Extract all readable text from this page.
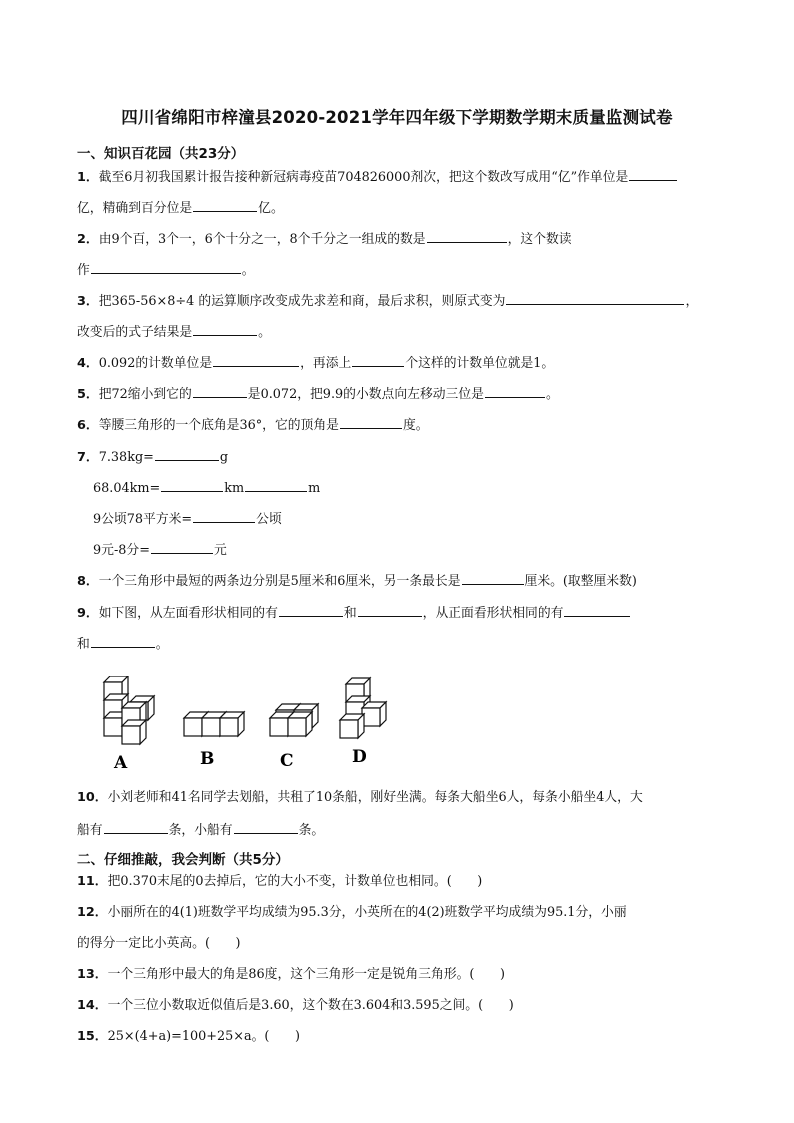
四川省绵阳市梓潼县2020-2021学年四年级下学期数学期末质量监测试卷
一、知识百花园（共23分）
1．截至6月初我国累计报告接种新冠病毒疫苗704826000剂次，把这个数改写成用“亿”作单位是
亿，精确到百分位是	亿。
2．由9个百，3个一，6个十分之一，8个千分之一组成的数是	，这个数读
作	。
3．把365-56×8÷4 的运算顺序改变成先求差和商，最后求积，则原式变为	，
改变后的式子结果是	。
4．0.092的计数单位是	，再添上	个这样的计数单位就是1。
5．把72缩小到它的	是0.072，把9.9的小数点向左移动三位是	。
6．等腰三角形的一个底角是36°，它的顶角是	度。
7．7.38kg=	g
68.04km=	km	m
9公顷78平方米=	公顷
9元-8分=	元
8．一个三角形中最短的两条边分别是5厘米和6厘米，另一条最长是	厘米。(取整厘米数)
9．如下图，从左面看形状相同的有	和	，从正面看形状相同的有
和	。
A	B	C	D
10．小刘老师和41名同学去划船，共租了10条船，刚好坐满。每条大船坐6人，每条小船坐4人，大
船有	条，小船有	条。
二、仔细推敲，我会判断（共5分）
11．把0.370末尾的0去掉后，它的大小不变，计数单位也相同。(　　)
12．小丽所在的4(1)班数学平均成绩为95.3分，小英所在的4(2)班数学平均成绩为95.1分，小丽
的得分一定比小英高。(　　)
13．一个三角形中最大的角是86度，这个三角形一定是锐角三角形。(　　)
14．一个三位小数取近似值后是3.60，这个数在3.604和3.595之间。(　　)
15．25×(4+a)=100+25×a。(　　)
